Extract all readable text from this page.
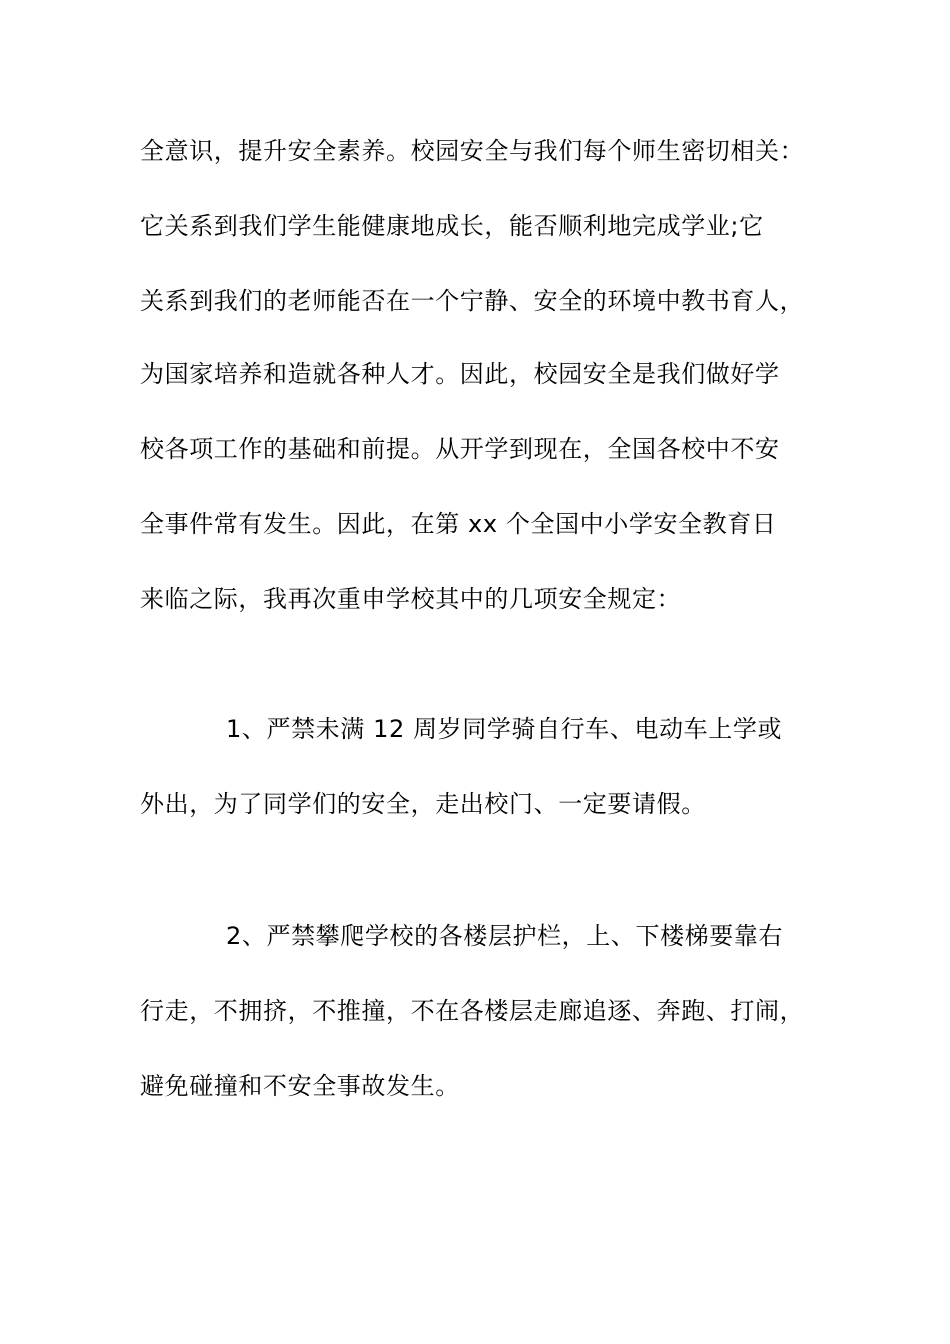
全意识，提升安全素养。校园安全与我们每个师生密切相关：
它关系到我们学生能健康地成长，能否顺利地完成学业;它
关系到我们的老师能否在一个宁静、安全的环境中教书育人，
为国家培养和造就各种人才。因此，校园安全是我们做好学
校各项工作的基础和前提。从开学到现在，全国各校中不安
全事件常有发生。因此，在第 xx 个全国中小学安全教育日
来临之际，我再次重申学校其中的几项安全规定：
1、严禁未满 12 周岁同学骑自行车、电动车上学或
外出，为了同学们的安全，走出校门、一定要请假。
2、严禁攀爬学校的各楼层护栏，上、下楼梯要靠右
行走，不拥挤，不推撞，不在各楼层走廊追逐、奔跑、打闹，
避免碰撞和不安全事故发生。
